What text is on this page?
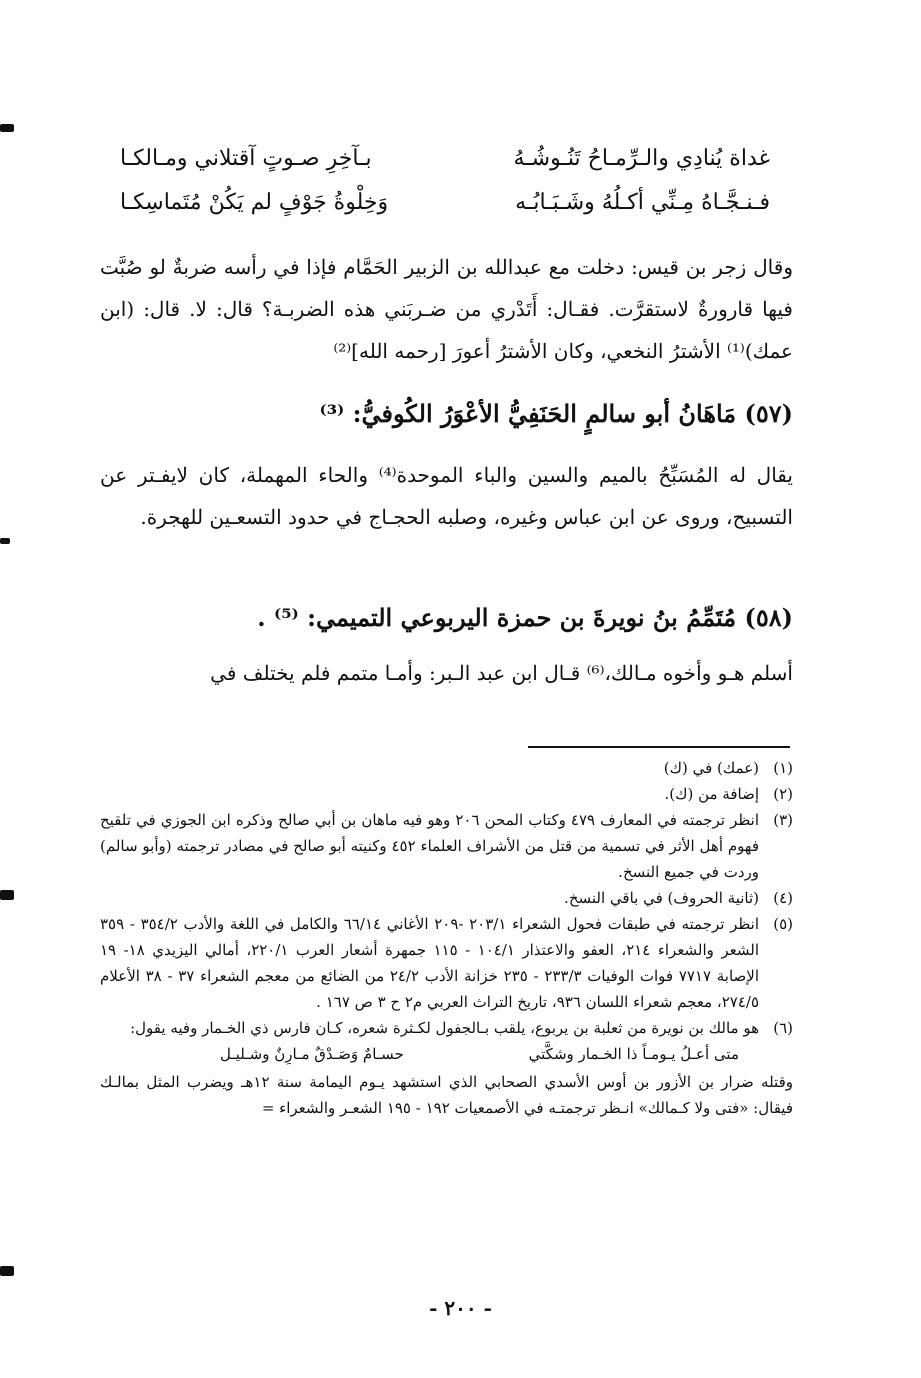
غداة يُنادِي والـرِّمـاحُ تَنُـوشُـهُ
بـآخِرِ صـوتٍ آقتلاني ومـالكـا
فـنـجَّـاهُ مِـنِّي أكـلُهُ وشَـبَـابُـه
وَخِلْوةُ جَوْفٍ لم يَكُنْ مُتَماسِكـا

وقال زجر بن قيس: دخلت مع عبدالله بن الزبير الحَمَّام فإذا في رأسه ضربةٌ لو صُبَّت فيها قارورةٌ لاستقرَّت. فقـال: أَتَدْري من ضـربَني هذه الضربـة؟ قال: لا. قال: (ابن عمك)⁽¹⁾ الأشترُ النخعي، وكان الأشترُ أعورَ [رحمه الله]⁽²⁾

(٥٧) مَاهَانُ أبو سالمٍ الحَنَفِيُّ الأعْوَرُ الكُوفيُّ: ⁽³⁾

يقال له المُسَبِّحُ بالميم والسين والباء الموحدة⁽⁴⁾ والحاء المهملة، كان لايفـتر عن التسبيح، وروى عن ابن عباس وغيره، وصلبه الحجـاج في حدود التسعـين للهجرة.

(٥٨) مُتَمِّمُ بنُ نويرةَ بن حمزة اليربوعي التميمي: ⁽⁵⁾ .

أسلم هـو وأخوه مـالك،⁽⁶⁾ قـال ابن عبد الـبر: وأمـا متمم فلم يختلف في

(١)
(عمك) في (ك)
(٢)
إضافة من (ك).
(٣)
انظر ترجمته في المعارف ٤٧٩ وكتاب المحن ٢٠٦ وهو فيه ماهان بن أبي صالح وذكره ابن الجوزي في تلقيح فهوم أهل الأثر في تسمية من قتل من الأشراف العلماء ٤٥٢ وكنيته أبو صالح في مصادر ترجمته (وأبو سالم) وردت في جميع النسخ.
(٤)
(ثانية الحروف) في باقي النسخ.
(٥)
انظر ترجمته في طبقات فحول الشعراء ٢٠٣/١ -٢٠٩ الأغاني ٦٦/١٤ والكامل في اللغة والأدب ٣٥٤/٢ - ٣٥٩ الشعر والشعراء ٢١٤، العفو والاعتذار ١٠٤/١ - ١١٥ جمهرة أشعار العرب ٢٢٠/١، أمالي اليزيدي ١٨- ١٩ الإصابة ٧٧١٧ فوات الوفيات ٢٣٣/٣ - ٢٣٥ خزانة الأدب ٢٤/٢ من الضائع من معجم الشعراء ٣٧ - ٣٨ الأعلام ٢٧٤/٥، معجم شعراء اللسان ٩٣٦، تاريخ التراث العربي م٢ ح ٣ ص ١٦٧ .
(٦)
هو مالك بن نويرة من ثعلبة بن يربوع، يلقب بـالجفول لكـثرة شعره، كـان فارس ذي الخـمار وفيه يقول:
متى أعـلُ يـومـاً ذا الخـمار وشكَّتي
حسـامٌ وَصَـدْقٌ مـارِنٌ وشـليـل
وقتله ضرار بن الأزور بن أوس الأسدي الصحابي الذي استشهد يـوم اليمامة سنة ١٢هـ ويضرب المثل بمالـك فيقال: «فتى ولا كـمالك» انـظر ترجمتـه في الأصمعيات ١٩٢ - ١٩٥ الشعـر والشعراء =
- ٢٠٠ -
